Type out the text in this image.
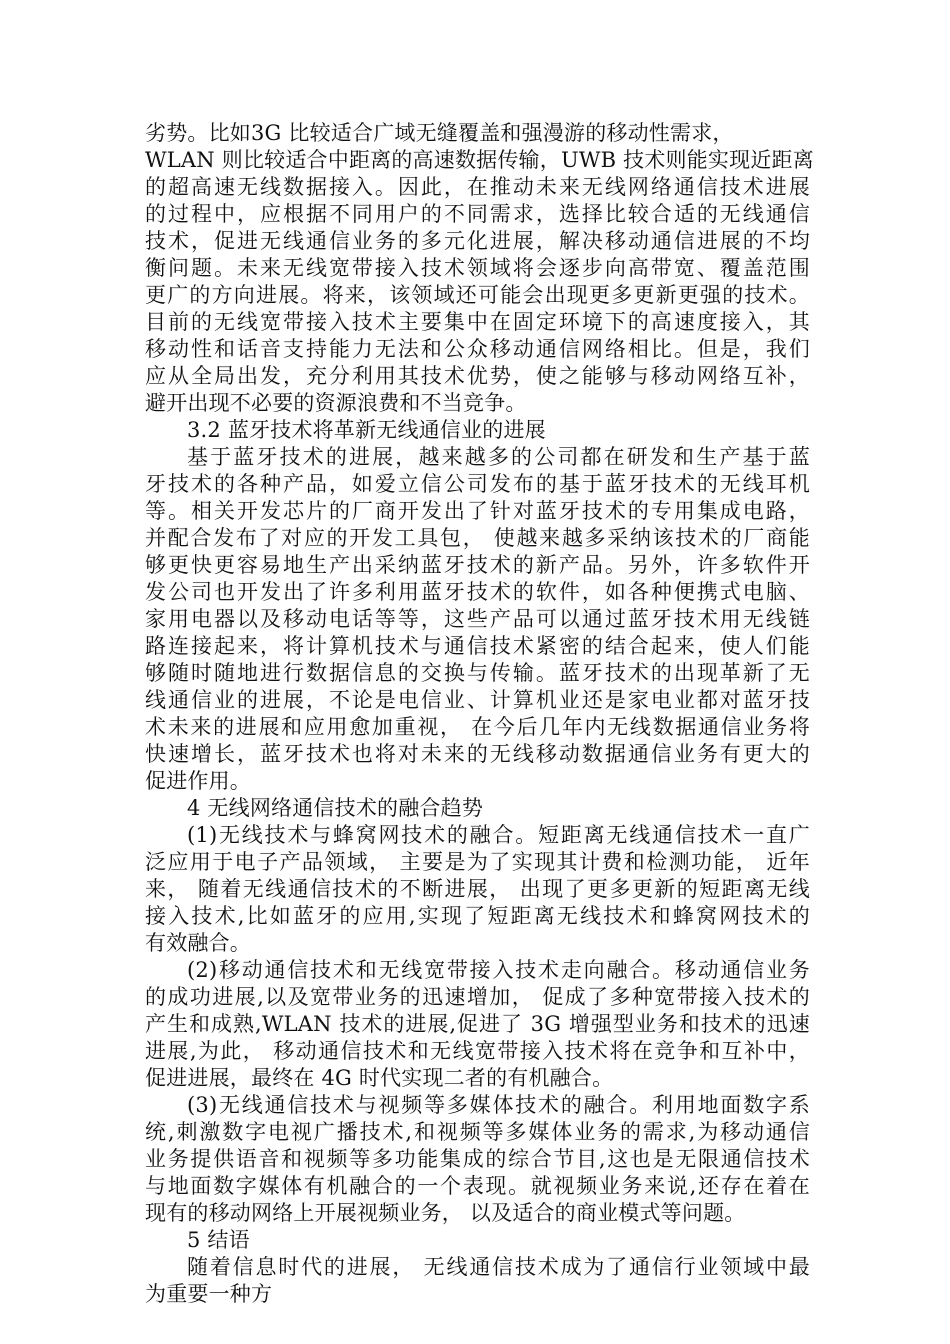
劣势。比如3G 比较适合广域无缝覆盖和强漫游的移动性需求，
WLAN 则比较适合中距离的高速数据传输，UWB 技术则能实现近距离
的超高速无线数据接入。因此，在推动未来无线网络通信技术进展
的过程中，应根据不同用户的不同需求，选择比较合适的无线通信
技术，促进无线通信业务的多元化进展，解决移动通信进展的不均
衡问题。未来无线宽带接入技术领域将会逐步向高带宽、覆盖范围
更广的方向进展。将来，该领域还可能会出现更多更新更强的技术。
目前的无线宽带接入技术主要集中在固定环境下的高速度接入，其
移动性和话音支持能力无法和公众移动通信网络相比。但是，我们
应从全局出发，充分利用其技术优势，使之能够与移动网络互补，
避开出现不必要的资源浪费和不当竞争。
3.2 蓝牙技术将革新无线通信业的进展
基于蓝牙技术的进展，越来越多的公司都在研发和生产基于蓝
牙技术的各种产品，如爱立信公司发布的基于蓝牙技术的无线耳机
等。相关开发芯片的厂商开发出了针对蓝牙技术的专用集成电路，
并配合发布了对应的开发工具包， 使越来越多采纳该技术的厂商能
够更快更容易地生产出采纳蓝牙技术的新产品。另外，许多软件开
发公司也开发出了许多利用蓝牙技术的软件，如各种便携式电脑、
家用电器以及移动电话等等，这些产品可以通过蓝牙技术用无线链
路连接起来，将计算机技术与通信技术紧密的结合起来，使人们能
够随时随地进行数据信息的交换与传输。蓝牙技术的出现革新了无
线通信业的进展，不论是电信业、计算机业还是家电业都对蓝牙技
术未来的进展和应用愈加重视， 在今后几年内无线数据通信业务将
快速增长，蓝牙技术也将对未来的无线移动数据通信业务有更大的
促进作用。
4 无线网络通信技术的融合趋势
(1)无线技术与蜂窝网技术的融合。短距离无线通信技术一直广
泛应用于电子产品领域， 主要是为了实现其计费和检测功能， 近年
来， 随着无线通信技术的不断进展， 出现了更多更新的短距离无线
接入技术,比如蓝牙的应用,实现了短距离无线技术和蜂窝网技术的
有效融合。
(2)移动通信技术和无线宽带接入技术走向融合。移动通信业务
的成功进展,以及宽带业务的迅速增加， 促成了多种宽带接入技术的
产生和成熟,WLAN 技术的进展,促进了 3G 增强型业务和技术的迅速
进展,为此， 移动通信技术和无线宽带接入技术将在竞争和互补中，
促进进展，最终在 4G 时代实现二者的有机融合。
(3)无线通信技术与视频等多媒体技术的融合。利用地面数字系
统,刺激数字电视广播技术,和视频等多媒体业务的需求,为移动通信
业务提供语音和视频等多功能集成的综合节目,这也是无限通信技术
与地面数字媒体有机融合的一个表现。就视频业务来说,还存在着在
现有的移动网络上开展视频业务， 以及适合的商业模式等问题。
5 结语
随着信息时代的进展， 无线通信技术成为了通信行业领域中最
为重要一种方
